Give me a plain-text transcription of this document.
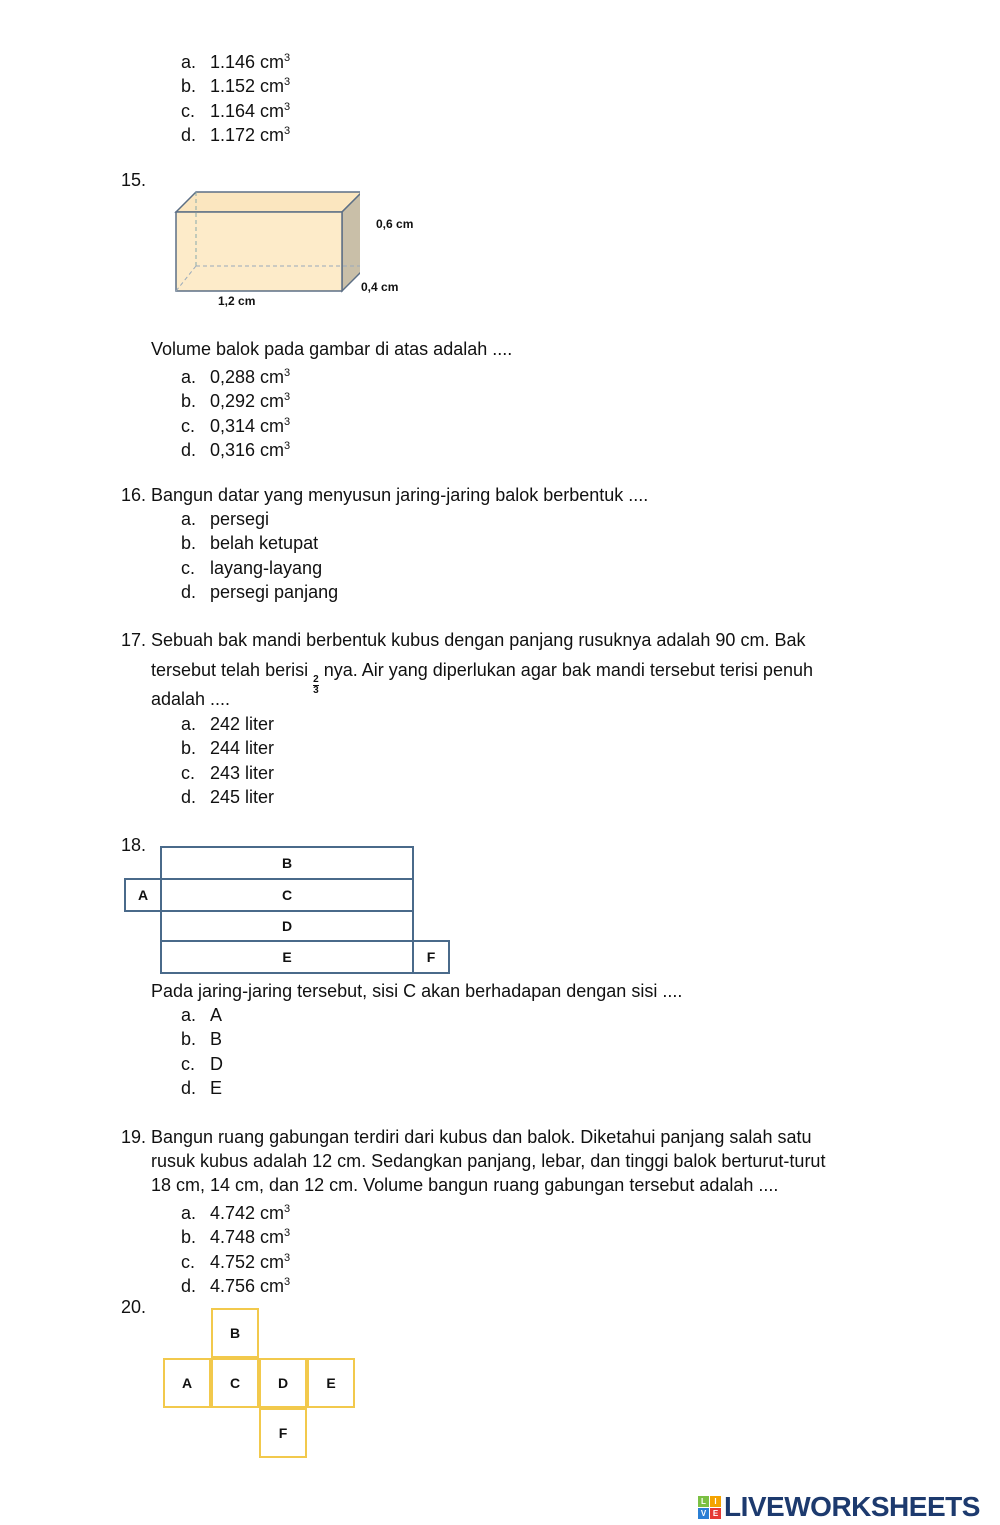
a. 1.146 $cm^3$
b. 1.152 $cm^3$
c. 1.164 $cm^3$
d. 1.172 $cm^3$
a. 0,288 $cm^3$
b. 0,292 $cm^3$
c. 0,314 $cm^3$
d. 0,316 $cm^3$
a. persegi
b. belah ketupat
c. layang-layang
d. persegi panjang
a. 242 liter
b. 244 liter
c. 243 liter
d. 245 liter
a. A
b. B
c. D
d. E
a. 4.742 $cm^3$
b. 4.748 $cm^3$
c. 4.752 $cm^3$
d. 4.756 $cm^3$
15.
0,6 cm
0,4 cm
1,2 cm
Volume balok pada gambar di atas adalah ....
16. Bangun datar yang menyusun jaring-jaring balok berbentuk ....
17. Sebuah bak mandi berbentuk kubus dengan panjang rusuknya adalah 90 cm. Bak
tersebut telah berisi
$\frac{2}{3}$
nya. Air yang diperlukan agar bak mandi tersebut terisi penuh
adalah ....
18.
B
A	C
D
E	F
Pada jaring-jaring tersebut, sisi C akan berhadapan dengan sisi ....
19. Bangun ruang gabungan terdiri dari kubus dan balok. Diketahui panjang salah satu
rusuk kubus adalah 12 cm. Sedangkan panjang, lebar, dan tinggi balok berturut-turut
18 cm, 14 cm, dan 12 cm. Volume bangun ruang gabungan tersebut adalah ....
20.
B
A	C	D	E
F
L	I
V E LIVEWORKSHEETS
